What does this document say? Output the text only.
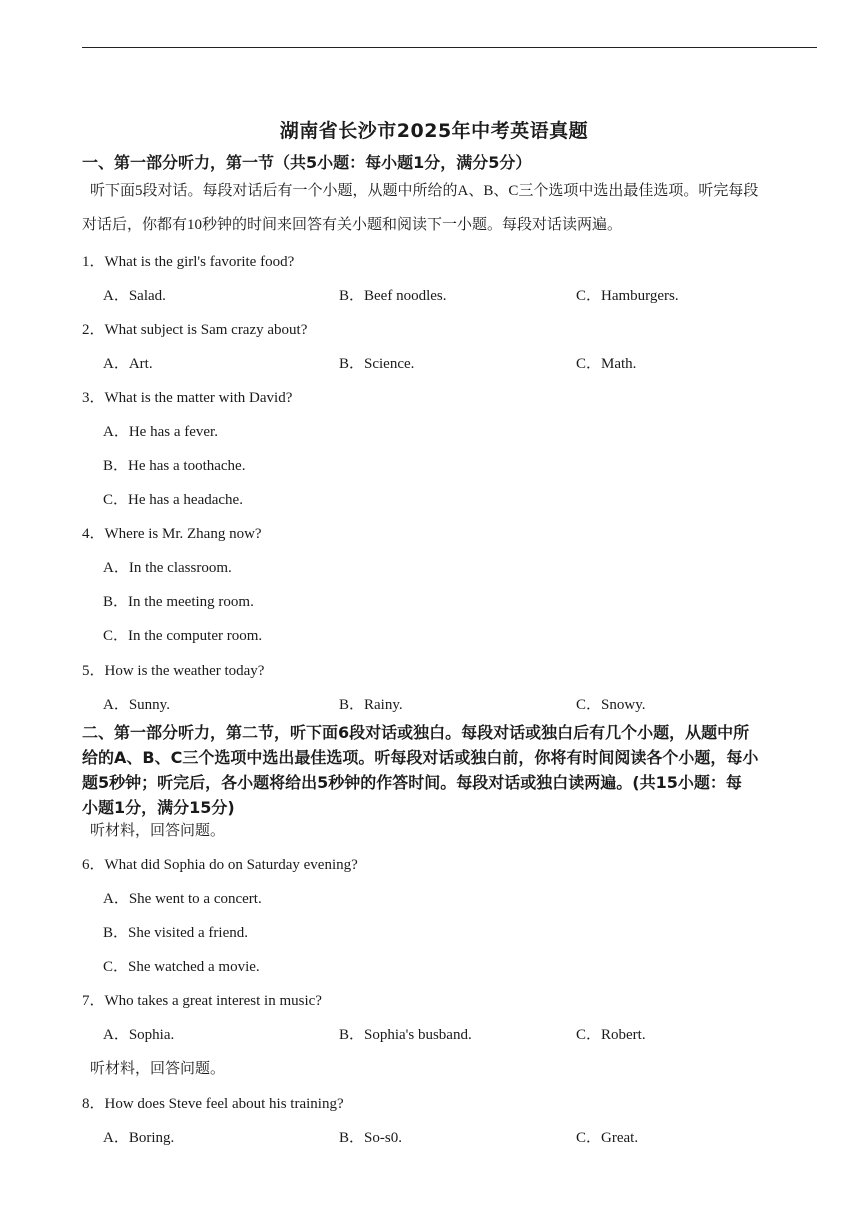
湖南省长沙市2025年中考英语真题
一、第一部分听力，第一节（共5小题：每小题1分，满分5分）
听下面5段对话。每段对话后有一个小题，从题中所给的A、B、C三个选项中选出最佳选项。听完每段
对话后，你都有10秒钟的时间来回答有关小题和阅读下一小题。每段对话读两遍。
1．What is the girl's favorite food?
A．Salad.	B．Beef noodles.	C．Hamburgers.
2．What subject is Sam crazy about?
A．Art.	B．Science.	C．Math.
3．What is the matter with David?
A．He has a fever.
B．He has a toothache.
C．He has a headache.
4．Where is Mr. Zhang now?
A．In the classroom.
B．In the meeting room.
C．In the computer room.
5．How is the weather today?
A．Sunny.	B．Rainy.	C．Snowy.
二、第一部分听力，第二节，听下面6段对话或独白。每段对话或独白后有几个小题，从题中所
给的A、B、C三个选项中选出最佳选项。听每段对话或独白前，你将有时间阅读各个小题，每小
题5秒钟；听完后，各小题将给出5秒钟的作答时间。每段对话或独白读两遍。(共15小题：每
小题1分，满分15分)
听材料，回答问题。
6．What did Sophia do on Saturday evening?
A．She went to a concert.
B．She visited a friend.
C．She watched a movie.
7．Who takes a great interest in music?
A．Sophia.	B．Sophia's busband.	C．Robert.
听材料，回答问题。
8．How does Steve feel about his training?
A．Boring.	B．So-s0.	C．Great.
